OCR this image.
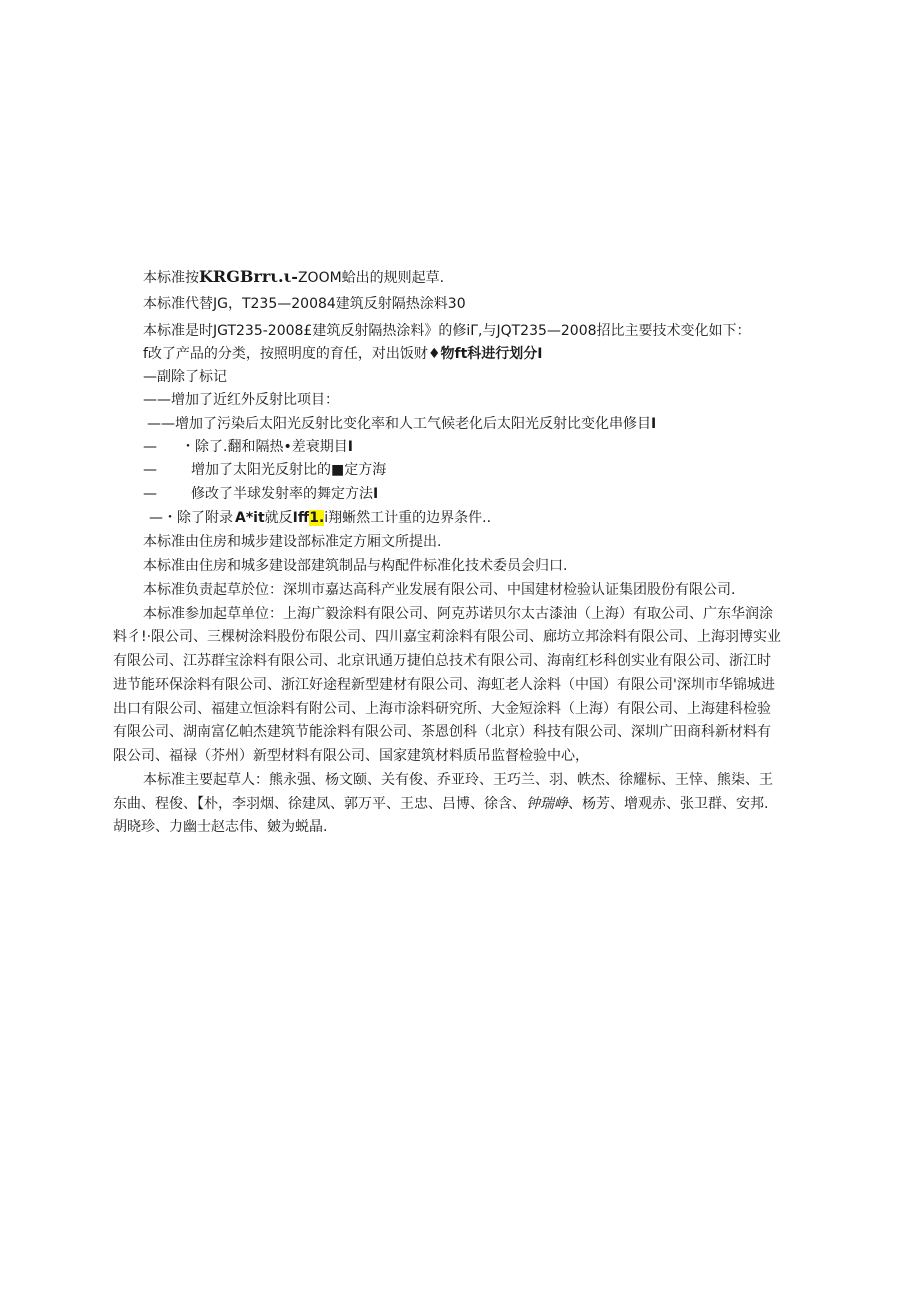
本标准按KRGBrrι.ι-ZOOM蛤出的规则起草.
本标准代替JG，T235—20084建筑反射隔热涂料30
本标准是时JGT235-2008£建筑反射隔热涂料》的修iΓ,与JQT235—2008招比主要技术变化如下：
f改了产品的分类，按照明度的育任，对出饭财♦物ft科进行划分I
—副除了标记
——增加了近红外反射比项目：
——增加了污染后太阳光反射比变化率和人工气候老化后太阳光反射比变化串修目I
— ・除了.翻和隔热•差衰期目I
— 增加了太阳光反射比的■定方海
— 修改了半球发射率的舞定方法I
—・除了附录 A*it就反Iff1.i翔蜥然工计重的边界条件..
本标准由住房和城步建设部标准定方厢文所提出.
本标准由住房和城多建设部建筑制品与构配件标准化技术委员会归口.
本标准负责起草於位：深圳市嘉达高科产业发展有限公司、中国建材检验认证集团股份有限公司.
本标准参加起草单位：上海广毅涂料有限公司、阿克苏诺贝尔太古漆油（上海）有取公司、广东华润涂
料彳!·限公司、三棵树涂料股份布限公司、四川嘉宝莉涂料有限公司、廊坊立邦涂料有限公司、上海羽博实业
有限公司、江苏群宝涂料有限公司、北京讯通万捷伯总技术有限公司、海南红杉科创实业有限公司、浙江时
进节能环保涂料有限公司、浙江好途程新型建材有限公司、海虹老人涂料（中国）有限公司'深圳市华锦城进
出口有限公司、福建立恒涂料有附公司、上海市涂料研究所、大金短涂料（上海）有限公司、上海建科检验
有限公司、湖南富亿帕杰建筑节能涂料有限公司、茶恩创科（北京）科技有限公司、深圳广田商科新材料有
限公司、福禄（芥州）新型材料有限公司、国家建筑材料质吊监督检验中心，
本标准主要起草人：熊永强、杨文颐、关有俊、乔亚玲、王巧兰、羽、帙杰、徐耀标、王悻、熊柒、王
东曲、程俊、【朴，李羽烟、徐建凤、郭万平、王忠、吕博、徐含、钟瑞峥、杨芳、增观赤、张卫群、安邦.
胡晓珍、力幽士赵志伟、皴为蜕晶.
